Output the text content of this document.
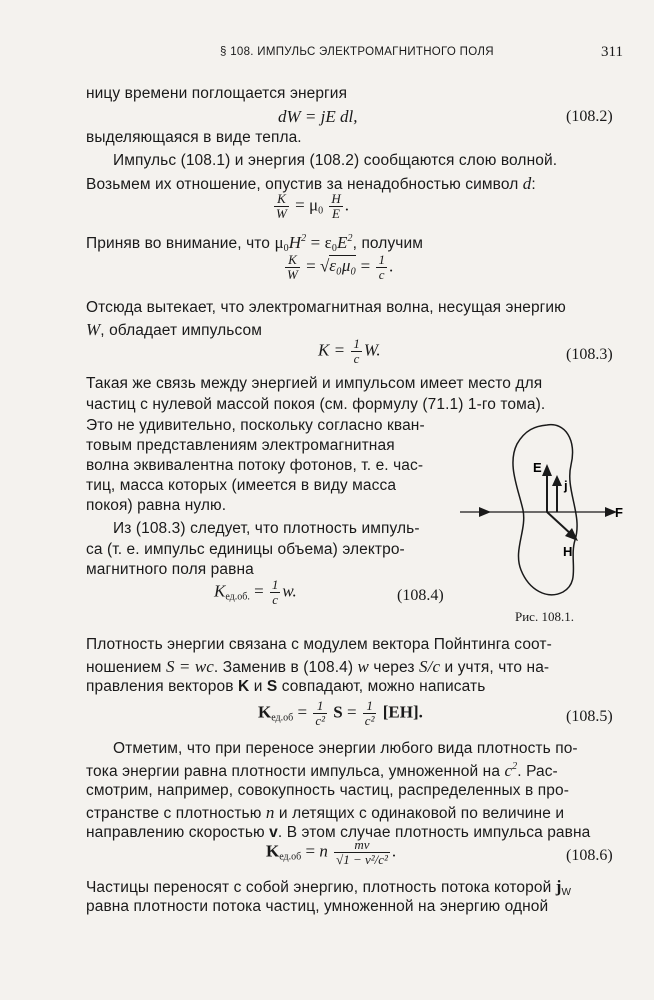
§ 108. ИМПУЛЬС ЭЛЕКТРОМАГНИТНОГО ПОЛЯ	311
ницу времени поглощается энергия
dW = jE dl,	(108.2)
выделяющаяся в виде тепла.
Импульс (108.1) и энергия (108.2) сообщаются слою волной.
Возьмем их отношение, опустив за ненадобностью символ d:
$\frac{K}{W} = \mu_0 \frac{H}{E}$ .
Приняв во внимание, что $\mu_0H^2 = \varepsilon_0E^2$, получим
$\frac{K}{W} = √\varepsilon_0\mu_0 = \frac{1}{c}$ .
Отсюда вытекает, что электромагнитная волна, несущая энергию
W, обладает импульсом
$K = \frac{1}{c} W$.	(108.3)
Такая же связь между энергией и импульсом имеет место для
частиц с нулевой массой покоя (см. формулу (71.1) 1-го тома).
Это не удивительно, поскольку согласно кван-
товым представлениям электромагнитная
волна эквивалентна потоку фотонов, т. е. час-
тиц, масса которых (имеется в виду масса
покоя) равна нулю.
Из (108.3) следует, что плотность импуль-
са (т. е. импульс единицы объема) электро-
магнитного поля равна
$K_{ед.об.} = \frac{1}{c} w$.	(108.4)
E
j
F
H
Рис. 108.1.
Плотность энергии связана с модулем вектора Пойнтинга соот-
ношением S = wc. Заменив в (108.4) w через S/c и учтя, что на-
правления векторов K и S совпадают, можно написать
$K_{ед.об} = \frac{1}{\text{c²}}$ $S = \frac{1}{\text{c²}} [EH]$.	(108.5)
Отметим, что при переносе энергии любого вида плотность по-
тока энергии равна плотности импульса, умноженной на $c^2$. Рас-
смотрим, например, совокупность частиц, распределенных в про-
странстве с плотностью n и летящих с одинаковой по величине и
направлению скоростью v. В этом случае плотность импульса равна
$K_{ед.об} = n \frac{mv}{\text{√1 − v²/c²}}$ .	(108.6)
Частицы переносят с собой энергию, плотность потока которой $j_W$
равна плотности потока частиц, умноженной на энергию одной
